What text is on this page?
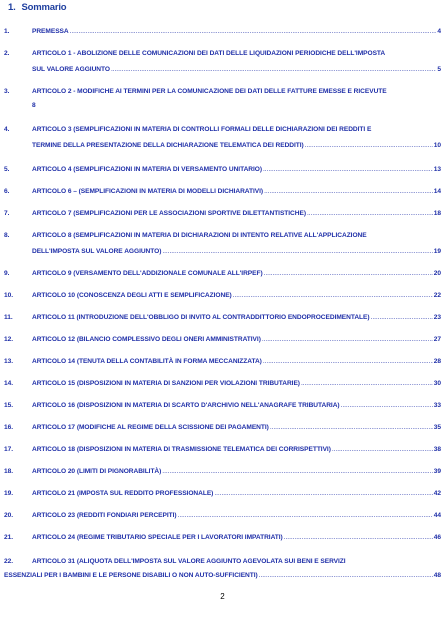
1. Sommario
1.	PREMESSA .....	4
2.	ARTICOLO 1 - ABOLIZIONE DELLE COMUNICAZIONI DEI DATI DELLE LIQUIDAZIONI PERIODICHE DELL'IMPOSTA
SUL VALORE AGGIUNTO .....	5
3.	ARTICOLO 2 - MODIFICHE AI TERMINI PER LA COMUNICAZIONE DEI DATI DELLE FATTURE EMESSE E RICEVUTE
8
4.	ARTICOLO 3 (SEMPLIFICAZIONI IN MATERIA DI CONTROLLI FORMALI DELLE DICHIARAZIONI DEI REDDITI E
TERMINE DELLA PRESENTAZIONE DELLA DICHIARAZIONE TELEMATICA DEI REDDITI) .....	10
5.	ARTICOLO 4 (SEMPLIFICAZIONI IN MATERIA DI VERSAMENTO UNITARIO) .....	13
6.	ARTICOLO 6 – (SEMPLIFICAZIONI IN MATERIA DI MODELLI DICHIARATIVI) .....	14
7.	ARTICOLO 7 (SEMPLIFICAZIONI PER LE ASSOCIAZIONI SPORTIVE DILETTANTISTICHE) .....	18
8.	ARTICOLO 8 (SEMPLIFICAZIONI IN MATERIA DI DICHIARAZIONI DI INTENTO RELATIVE ALL'APPLICAZIONE
DELL'IMPOSTA SUL VALORE AGGIUNTO) .....	19
9.	ARTICOLO 9 (VERSAMENTO DELL'ADDIZIONALE COMUNALE ALL'IRPEF) .....	20
10.	ARTICOLO 10 (CONOSCENZA DEGLI ATTI E SEMPLIFICAZIONE) .....	22
11.	ARTICOLO 11 (INTRODUZIONE DELL'OBBLIGO DI INVITO AL CONTRADDITTORIO ENDOPROCEDIMENTALE) .....	23
12.	ARTICOLO 12 (BILANCIO COMPLESSIVO DEGLI ONERI AMMINISTRATIVI) .....	27
13.	ARTICOLO 14 (TENUTA DELLA CONTABILITÀ IN FORMA MECCANIZZATA) .....	28
14.	ARTICOLO 15 (DISPOSIZIONI IN MATERIA DI SANZIONI PER VIOLAZIONI TRIBUTARIE) .....	30
15.	ARTICOLO 16 (DISPOSIZIONI IN MATERIA DI SCARTO D'ARCHIVIO NELL'ANAGRAFE TRIBUTARIA) .....	33
16.	ARTICOLO 17 (MODIFICHE AL REGIME DELLA SCISSIONE DEI PAGAMENTI) .....	35
17.	ARTICOLO 18 (DISPOSIZIONI IN MATERIA DI TRASMISSIONE TELEMATICA DEI CORRISPETTIVI) .....	38
18.	ARTICOLO 20 (LIMITI DI PIGNORABILITÀ) .....	39
19.	ARTICOLO 21 (IMPOSTA SUL REDDITO PROFESSIONALE) .....	42
20.	ARTICOLO 23 (REDDITI FONDIARI PERCEPITI) .....	44
21.	ARTICOLO 24 (REGIME TRIBUTARIO SPECIALE PER I LAVORATORI IMPATRIATI) .....	46
22.	ARTICOLO 31 (ALIQUOTA DELL'IMPOSTA SUL VALORE AGGIUNTO AGEVOLATA SUI BENI E SERVIZI
ESSENZIALI PER I BAMBINI E LE PERSONE DISABILI O NON AUTO-SUFFICIENTI) .....	48
2
